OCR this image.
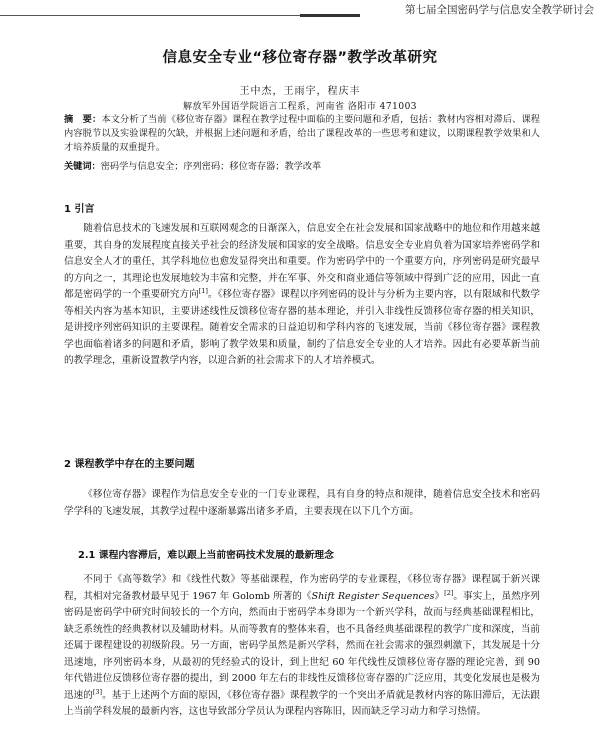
第七届全国密码学与信息安全教学研讨会
信息安全专业“移位寄存器”教学改革研究
王中杰，王雨宇，程庆丰
解放军外国语学院语言工程系，河南省 洛阳市 471003
摘　要：本文分析了当前《移位寄存器》课程在教学过程中面临的主要问题和矛盾，包括：教材内容相对滞后、课程内容脱节以及实验课程的欠缺，并根据上述问题和矛盾，给出了课程改革的一些思考和建议，以期课程教学效果和人才培养质量的双重提升。
关键词：密码学与信息安全；序列密码；移位寄存器；教学改革
1 引言
随着信息技术的飞速发展和互联网观念的日渐深入，信息安全在社会发展和国家战略中的地位和作用越来越重要，其自身的发展程度直接关乎社会的经济发展和国家的安全战略。信息安全专业肩负着为国家培养密码学和信息安全人才的重任，其学科地位也愈发显得突出和重要。作为密码学中的一个重要方向，序列密码是研究最早的方向之一，其理论也发展地较为丰富和完整，并在军事、外交和商业通信等领域中得到广泛的应用，因此一直都是密码学的一个重要研究方向[1]。《移位寄存器》课程以序列密码的设计与分析为主要内容，以有限域和代数学等相关内容为基本知识，主要讲述线性反馈移位寄存器的基本理论，并引入非线性反馈移位寄存器的相关知识，是讲授序列密码知识的主要课程。随着安全需求的日益迫切和学科内容的飞速发展，当前《移位寄存器》课程教学也面临着诸多的问题和矛盾，影响了教学效果和质量，制约了信息安全专业的人才培养。因此有必要革新当前的教学理念，重新设置教学内容，以迎合新的社会需求下的人才培养模式。
2 课程教学中存在的主要问题
《移位寄存器》课程作为信息安全专业的一门专业课程，具有自身的特点和规律，随着信息安全技术和密码学学科的飞速发展，其教学过程中逐渐暴露出诸多矛盾，主要表现在以下几个方面。
2.1 课程内容滞后，难以跟上当前密码技术发展的最新理念
不同于《高等数学》和《线性代数》等基础课程，作为密码学的专业课程，《移位寄存器》课程属于新兴课程，其相对完备教材最早见于 1967 年 Golomb 所著的《Shift Register Sequences》[2]。事实上，虽然序列密码是密码学中研究时间较长的一个方向，然而由于密码学本身即为一个新兴学科，故而与经典基础课程相比，缺乏系统性的经典教材以及辅助材料。从而等教育的整体来看，也不具备经典基础课程的教学广度和深度，当前还属于课程建设的初级阶段。另一方面，密码学虽然是新兴学科，然而在社会需求的强烈刺激下，其发展是十分迅速地，序列密码本身，从最初的凭经验式的设计，到上世纪 60 年代线性反馈移位寄存器的理论完善，到 90 年代错进位反馈移位寄存器的提出，到 2000 年左右的非线性反馈移位寄存器的广泛应用，其变化发展也是极为迅速的[3]。基于上述两个方面的原因，《移位寄存器》课程教学的一个突出矛盾就是教材内容的陈旧滞后，无法跟上当前学科发展的最新内容，这也导致部分学员认为课程内容陈旧，因而缺乏学习动力和学习热情。
